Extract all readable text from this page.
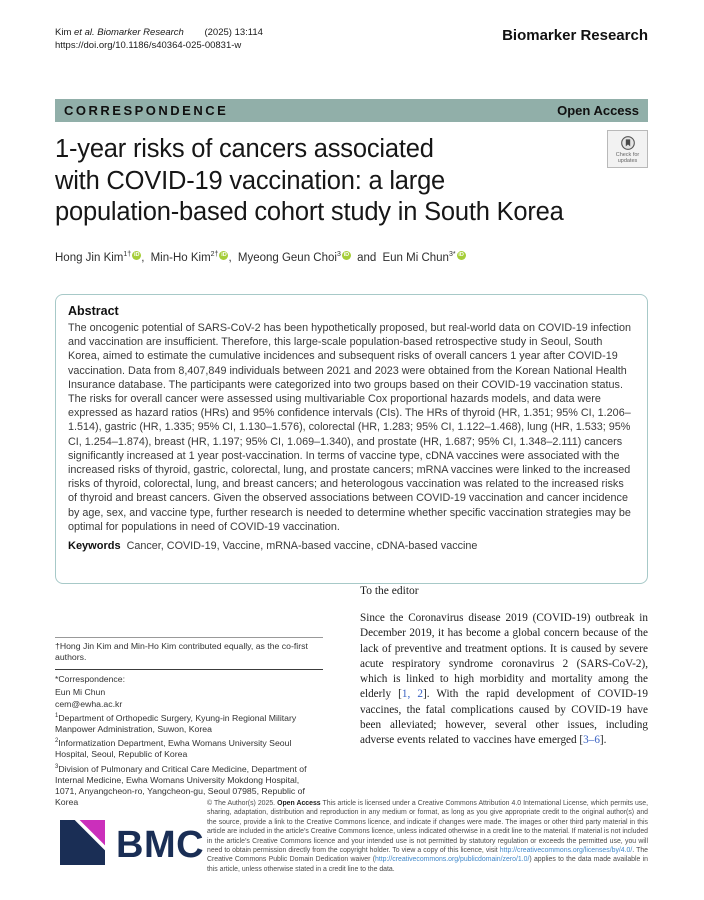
Kim et al. Biomarker Research (2025) 13:114
https://doi.org/10.1186/s40364-025-00831-w
Biomarker Research
CORRESPONDENCE	Open Access
1-year risks of cancers associated
with COVID-19 vaccination: a large
population-based cohort study in South Korea
Check for
updates
Hong Jin Kim$^{1\dagger}$ iD , Min-Ho Kim$^{2\dagger}$ iD , Myeong Geun Choi$^3$ iD and Eun Mi Chun$^{3*}$ iD
Abstract
The oncogenic potential of SARS-CoV-2 has been hypothetically proposed, but real-world data on COVID-19 infection and vaccination are insufficient. Therefore, this large-scale population-based retrospective study in Seoul, South Korea, aimed to estimate the cumulative incidences and subsequent risks of overall cancers 1 year after COVID-19 vaccination. Data from 8,407,849 individuals between 2021 and 2023 were obtained from the Korean National Health Insurance database. The participants were categorized into two groups based on their COVID-19 vaccination status. The risks for overall cancer were assessed using multivariable Cox proportional hazards models, and data were expressed as hazard ratios (HRs) and 95% confidence intervals (CIs). The HRs of thyroid (HR, 1.351; 95% CI, 1.206–1.514), gastric (HR, 1.335; 95% CI, 1.130–1.576), colorectal (HR, 1.283; 95% CI, 1.122–1.468), lung (HR, 1.533; 95% CI, 1.254–1.874), breast (HR, 1.197; 95% CI, 1.069–1.340), and prostate (HR, 1.687; 95% CI, 1.348–2.111) cancers significantly increased at 1 year post-vaccination. In terms of vaccine type, cDNA vaccines were associated with the increased risks of thyroid, gastric, colorectal, lung, and prostate cancers; mRNA vaccines were linked to the increased risks of thyroid, colorectal, lung, and breast cancers; and heterologous vaccination was related to the increased risks of thyroid and breast cancers. Given the observed associations between COVID-19 vaccination and cancer incidence by age, sex, and vaccine type, further research is needed to determine whether specific vaccination strategies may be optimal for populations in need of COVID-19 vaccination.
Keywords Cancer, COVID-19, Vaccine, mRNA-based vaccine, cDNA-based vaccine
To the editor

Since the Coronavirus disease 2019 (COVID-19) outbreak in December 2019, it has become a global concern because of the lack of preventive and treatment options. It is caused by severe acute respiratory syndrome coronavirus 2 (SARS-CoV-2), which is linked to high morbidity and mortality among the elderly [1, 2]. With the rapid development of COVID-19 vaccines, the fatal complications caused by COVID-19 have been alleviated; however, several other issues, including adverse events related to vaccines have emerged [3–6].

†Hong Jin Kim and Min-Ho Kim contributed equally, as the co-first authors.
*Correspondence:
Eun Mi Chun
cem@ewha.ac.kr
$^1$Department of Orthopedic Surgery, Kyung-in Regional Military Manpower Administration, Suwon, Korea
$^2$Informatization Department, Ewha Womans University Seoul Hospital, Seoul, Republic of Korea
$^3$Division of Pulmonary and Critical Care Medicine, Department of Internal Medicine, Ewha Womans University Mokdong Hospital, 1071, Anyangcheon-ro, Yangcheon-gu, Seoul 07985, Republic of Korea
BMC
© The Author(s) 2025. Open Access This article is licensed under a Creative Commons Attribution 4.0 International License, which permits use, sharing, adaptation, distribution and reproduction in any medium or format, as long as you give appropriate credit to the original author(s) and the source, provide a link to the Creative Commons licence, and indicate if changes were made. The images or other third party material in this article are included in the article’s Creative Commons licence, unless indicated otherwise in a credit line to the material. If material is not included in the article’s Creative Commons licence and your intended use is not permitted by statutory regulation or exceeds the permitted use, you will need to obtain permission directly from the copyright holder. To view a copy of this licence, visit http://creativecommons.org/licenses/by/4.0/. The Creative Commons Public Domain Dedication waiver (http://creativecommons.org/publicdomain/zero/1.0/) applies to the data made available in this article, unless otherwise stated in a credit line to the data.
